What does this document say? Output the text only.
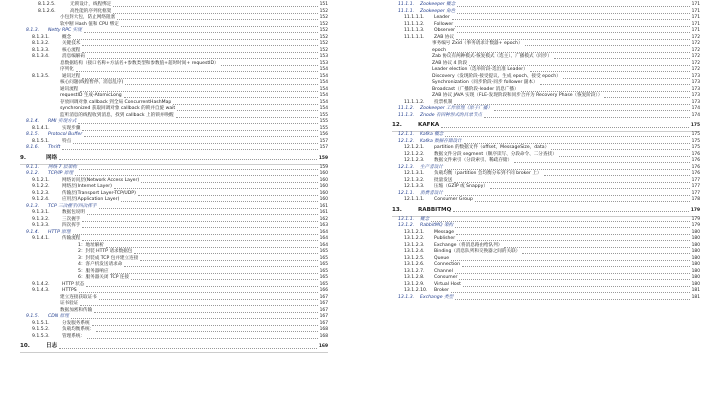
8.1.2.5.	无锁设计，线程绑定	151
8.1.2.6.	高性能的序列化框架	152
小包封大包，防止网络阻塞	152
软中断 Hash 值和 CPU 绑定	152
8.1.3.	Netty RPC 实现	152
8.1.3.1.	概念	152
8.1.3.2.	关键技术	152
8.1.3.3.	核心流程	152
8.1.3.4.	消息编解码	153
息数据结构（接口名称+方法名+参数类型和参数值+超时时间+ requestID）	153
序列化	154
8.1.3.5.	通讯过程	154
核心问题(线程暂停、消息乱序)	154
通讯流程	154
requestID 生成-AtomicLong	154
存放回调对象 callback 到全局 ConcurrentHashMap	154
synchronized 获取回调对象 callback 的锁并自旋 wait	154
监听消息的线程收到消息，找到 callback 上的锁并唤醒	155
8.1.4.	RMI 实现方式	155
8.1.4.1.	实现步骤	155
8.1.5.	Protocol Buffer	156
8.1.5.1.	特点	157
8.1.6.	Thrift	157
9.	网络	159
9.1.1.	网络 7 层架构	159
9.1.2.	TCP/IP 原理	160
9.1.2.1.	网络访问层(Network Access Layer)	160
9.1.2.2.	网络层(Internet Layer)	160
9.1.2.3.	传输层(Transport Layer-TCP/UDP)	160
9.1.2.4.	应用层(Application Layer)	160
9.1.3.	TCP 三次握手/四次挥手	161
9.1.3.1.	数据包说明	161
9.1.3.2.	三次握手	162
9.1.3.3.	四次挥手	163
9.1.4.	HTTP 原理	164
9.1.4.1.	传输流程	164
1：地址解析	164
2：封装 HTTP 请求数据包	165
3：封装成 TCP 包并建立连接	165
4：客户机发送请求命	165
5：服务器响应	165
6：服务器关闭 TCP 连接	165
9.1.4.2.	HTTP 状态	165
9.1.4.3.	HTTPS	166
建立连接获取证书	167
证书验证	167
数据加密和传输	167
9.1.5.	CDN 原理	167
9.1.5.1.	分发服务系统	167
9.1.5.2.	负载均衡系统：	168
9.1.5.3.	管理系统：	168
10.	日志	169
11.1.1.	Zookeeper 概念	171
11.1.1.	Zookeeper 角色	171
11.1.1.1.	Leader	171
11.1.1.2.	Follower	171
11.1.1.3.	Observer	171
11.1.1.1.	ZAB 协议	172
事务编号 Zxid（事务请求计数器+ epoch）	172
epoch	172
Zab 协议有两种模式-恢复模式（选主）、广播模式（同步）	172
ZAB 协议 4 阶段	172
Leader election（选举阶段-选出准 Leader）	172
Discovery（发现阶段-接受提议、生成 epoch、接受 epoch）	173
Synchronization（同步阶段-同步 follower 副本）	173
Broadcast（广播阶段-leader 消息广播）	173
ZAB 协议 JAVA 实现（FLE-发现阶段和同步合并为 Recovery Phase（恢复阶段））	173
11.1.1.2.	投票机制	173
11.1.2.	Zookeeper 工作原理（原子广播）	174
11.1.3.	Znode 有四种形式的目录节点	174
12.	KAFKA	175
12.1.1.	Kafka 概念	175
12.1.2.	Kafka 数据存储设计	175
12.1.2.1.	partition 的数据文件（offset，MessageSize，data）	175
12.1.2.2.	数据文件分段 segment（顺序读写、分段命令、二分查找）	176
12.1.2.3.	数据文件索引（分段索引、稀疏存储）	176
12.1.3.	生产者设计	176
12.1.3.1.	负载均衡（partition 会均衡分布到不同 broker 上）	176
12.1.3.2.	批量发送	177
12.1.3.3.	压缩（GZIP 或 Snappy）	177
12.1.1.	消费者设计	177
12.1.1.1.	Consumer Group	178
13.	RABBITMQ	179
13.1.1.	概念	179
13.1.2.	RabbitMQ 架构	179
13.1.2.1.	Message	180
13.1.2.2.	Publisher	180
13.1.2.3.	Exchange（将消息路由给队列）	180
13.1.2.4.	Binding（消息队列和交换器之间的关联）	180
13.1.2.5.	Queue	180
13.1.2.6.	Connection	180
13.1.2.7.	Channel	180
13.1.2.8.	Consumer	180
13.1.2.9.	Virtual Host	180
13.1.2.10.	Broker	181
13.1.3.	Exchange 类型	181
